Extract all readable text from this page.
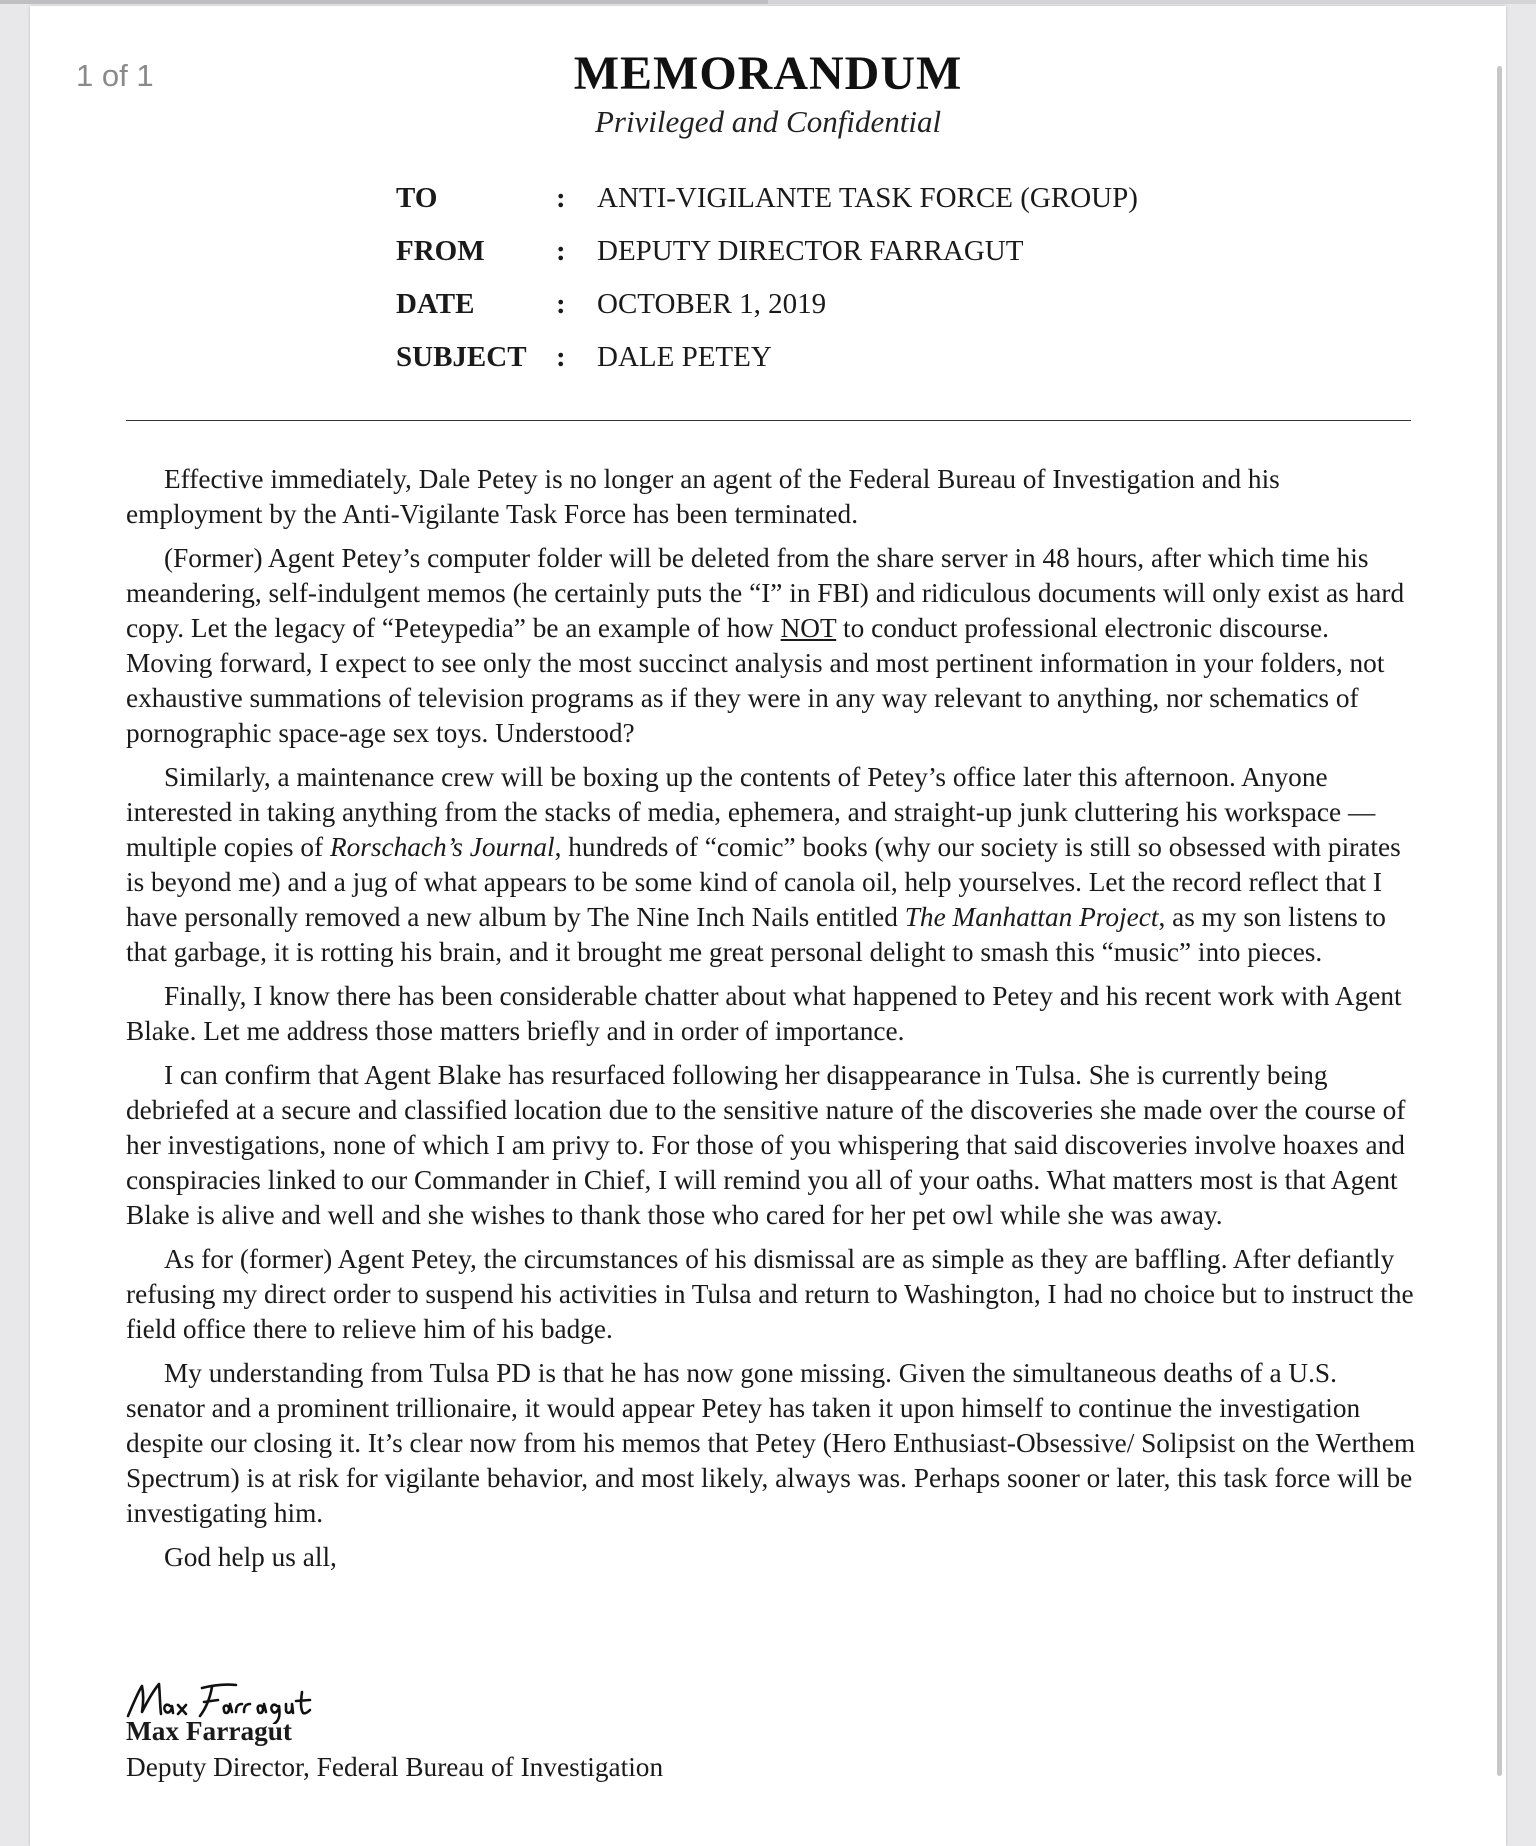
1 of 1	MEMORANDUM
Privileged and Confidential
TO	: ANTI-VIGILANTE TASK FORCE (GROUP)
FROM : DEPUTY DIRECTOR FARRAGUT
DATE	: OCTOBER 1, 2019
SUBJECT : DALE PETEY

Effective immediately, Dale Petey is no longer an agent of the Federal Bureau of Investigation and his employment by the Anti-Vigilante Task Force has been terminated.

(Former) Agent Petey’s computer folder will be deleted from the share server in 48 hours, after which time his meandering, self-indulgent memos (he certainly puts the “I” in FBI) and ridiculous documents will only exist as hard copy. Let the legacy of “Peteypedia” be an example of how NOT to conduct professional electronic discourse. Moving forward, I expect to see only the most succinct analysis and most pertinent information in your folders, not exhaustive summations of television programs as if they were in any way relevant to anything, nor schematics of pornographic space-age sex toys. Understood?

Similarly, a maintenance crew will be boxing up the contents of Petey’s office later this afternoon. Anyone interested in taking anything from the stacks of media, ephemera, and straight-up junk cluttering his workspace — multiple copies of Rorschach’s Journal, hundreds of “comic” books (why our society is still so obsessed with pirates is beyond me) and a jug of what appears to be some kind of canola oil, help yourselves. Let the record reflect that I have personally removed a new album by The Nine Inch Nails entitled The Manhattan Project, as my son listens to that garbage, it is rotting his brain, and it brought me great personal delight to smash this “music” into pieces.

Finally, I know there has been considerable chatter about what happened to Petey and his recent work with Agent Blake. Let me address those matters briefly and in order of importance.

I can confirm that Agent Blake has resurfaced following her disappearance in Tulsa. She is currently being debriefed at a secure and classified location due to the sensitive nature of the discoveries she made over the course of her investigations, none of which I am privy to. For those of you whispering that said discoveries involve hoaxes and conspiracies linked to our Commander in Chief, I will remind you all of your oaths. What matters most is that Agent Blake is alive and well and she wishes to thank those who cared for her pet owl while she was away.

As for (former) Agent Petey, the circumstances of his dismissal are as simple as they are baffling. After defiantly refusing my direct order to suspend his activities in Tulsa and return to Washington, I had no choice but to instruct the field office there to relieve him of his badge.

My understanding from Tulsa PD is that he has now gone missing. Given the simultaneous deaths of a U.S. senator and a prominent trillionaire, it would appear Petey has taken it upon himself to continue the investigation despite our closing it. It’s clear now from his memos that Petey (Hero Enthusiast-Obsessive/ Solipsist on the Werthem Spectrum) is at risk for vigilante behavior, and most likely, always was. Perhaps sooner or later, this task force will be investigating him.

God help us all,

Max Farragut
Deputy Director, Federal Bureau of Investigation
